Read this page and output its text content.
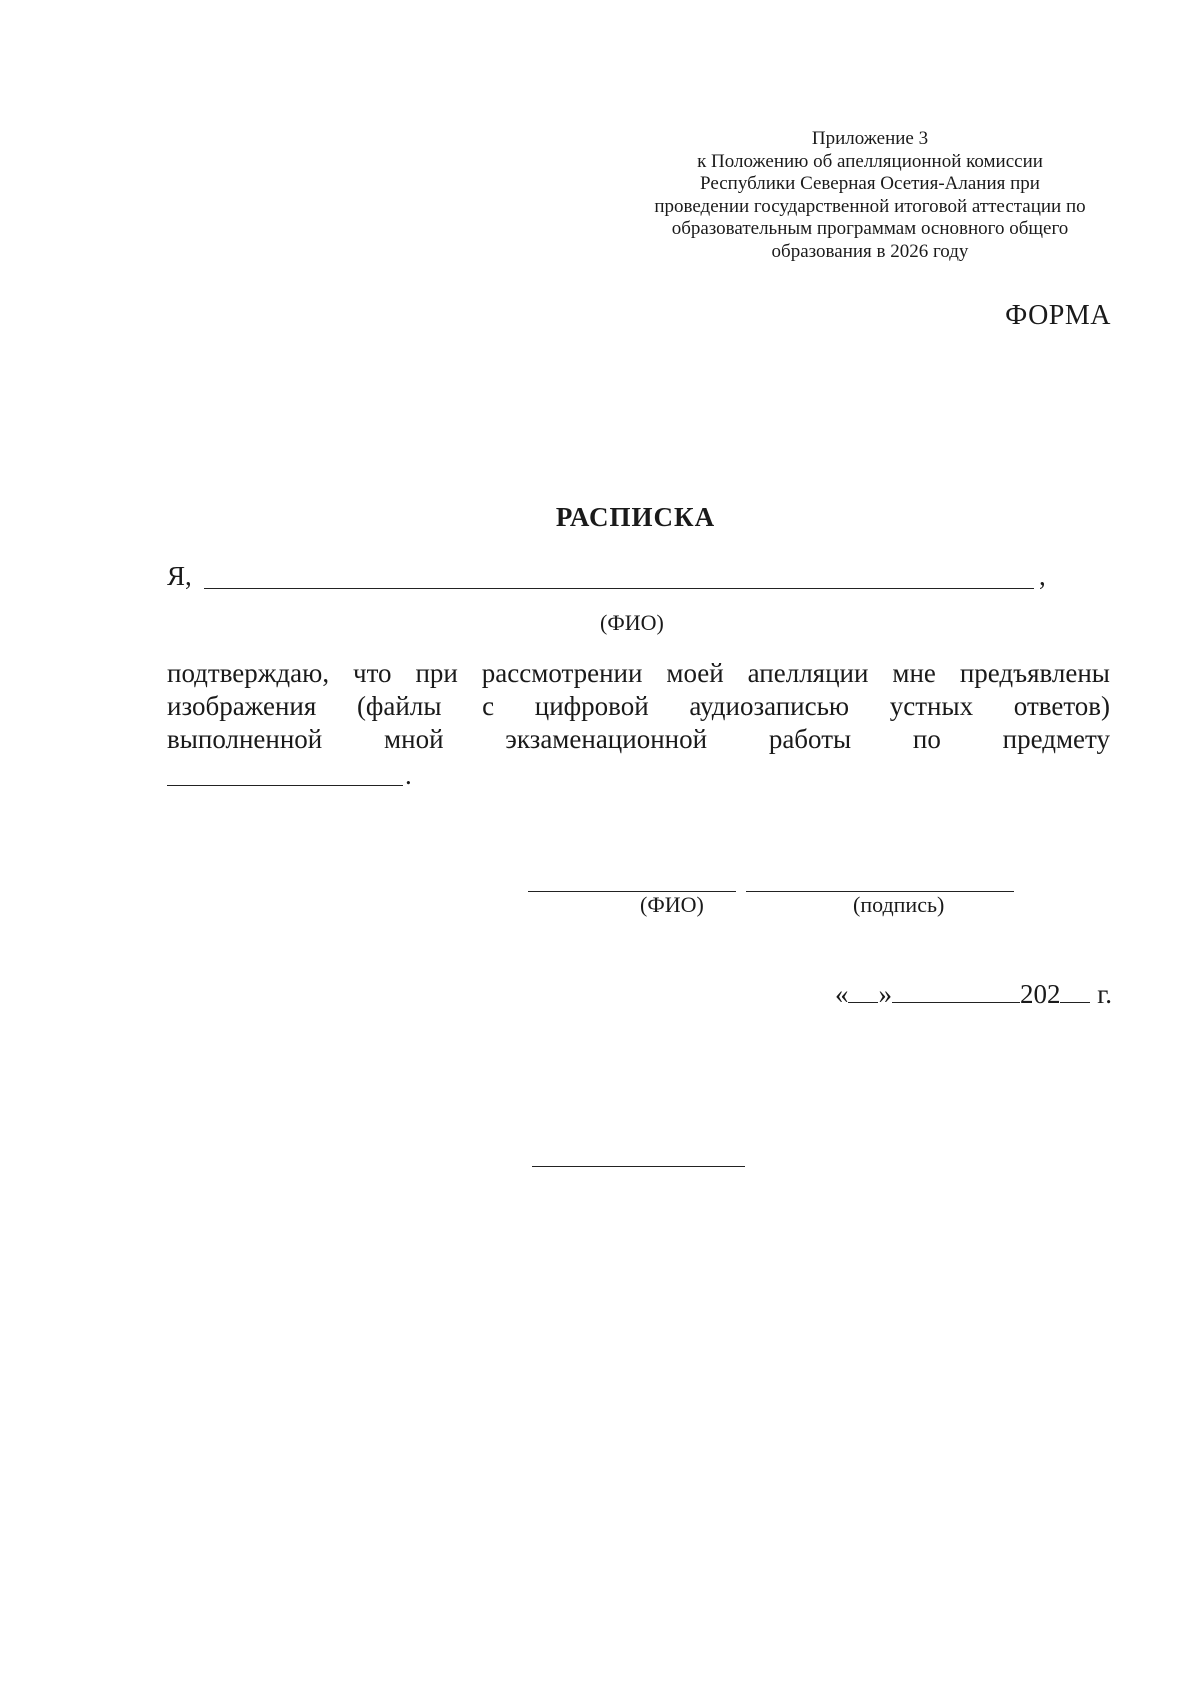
Приложение 3
к Положению об апелляционной комиссии
Республики Северная Осетия-Алания при
проведении государственной итоговой аттестации по
образовательным программам основного общего
образования в 2026 году
ФОРМА
РАСПИСКА
Я,	,
(ФИО)
подтверждаю, что при рассмотрении моей апелляции мне предъявлены
изображения (файлы с цифровой аудиозаписью устных ответов)
выполненной мной экзаменационной работы по предмету
.
(ФИО)	(подпись)
« »	202 г.
